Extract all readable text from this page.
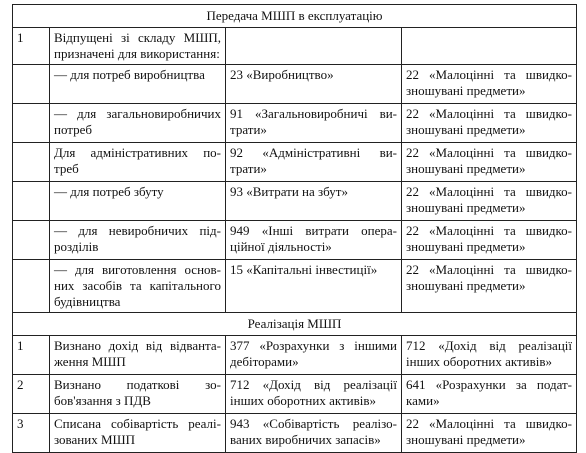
Передача МШП в експлуатацію			
1	Відпущені зі складу МШП, призначені для використання:		
	— для потреб виробництва	23 «Виробництво»	22 «Малоцінні та швидко-зношувані предмети»
	— для загальновиробничих потреб	91 «Загальновиробничі ви-трати»	22 «Малоцінні та швидко-зношувані предмети»
	Для адміністративних по-треб	92 «Адміністративні ви-трати»	22 «Малоцінні та швидко-зношувані предмети»
	— для потреб збуту	93 «Витрати на збут»	22 «Малоцінні та швидко-зношувані предмети»
	— для невиробничих під-розділів	949 «Інші витрати опера-ційної діяльності»	22 «Малоцінні та швидко-зношувані предмети»
	— для виготовлення основ-них засобів та капітального будівництва	15 «Капітальні інвестиції»	22 «Малоцінні та швидко-зношувані предмети»
Реалізація МШП			
1	Визнано дохід від відванта-ження МШП	377 «Розрахунки з іншими дебіторами»	712 «Дохід від реалізації інших оборотних активів»
2	Визнано податкові зо-бов'язання з ПДВ	712 «Дохід від реалізації інших оборотних активів»	641 «Розрахунки за подат-ками»
3	Списана собівартість реалі-зованих МШП	943 «Собівартість реалізо-ваних виробничих запасів»	22 «Малоцінні та швидко-зношувані предмети»
